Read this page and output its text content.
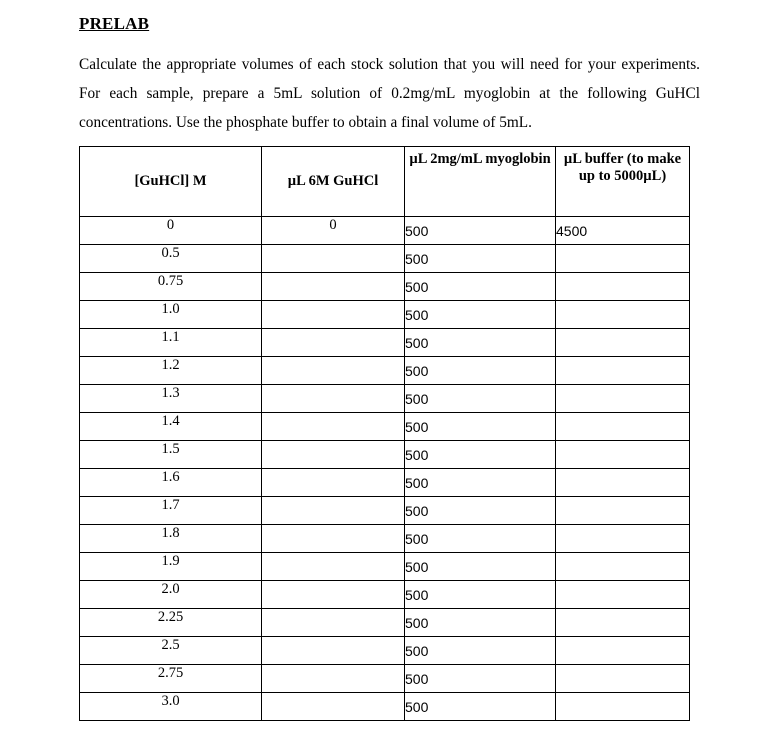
PRELAB

Calculate the appropriate volumes of each stock solution that you will need for your experiments. For each sample, prepare a 5mL solution of 0.2mg/mL myoglobin at the following GuHCl concentrations. Use the phosphate buffer to obtain a final volume of 5mL.

[GuHCl] M	µL 6M GuHCl	µL 2mg/mL myoglobin	µL buffer (to make up to 5000µL)
0	0	500	4500
0.5		500	
0.75		500	
1.0		500	
1.1		500	
1.2		500	
1.3		500	
1.4		500	
1.5		500	
1.6		500	
1.7		500	
1.8		500	
1.9		500	
2.0		500	
2.25		500	
2.5		500	
2.75		500	
3.0		500	
